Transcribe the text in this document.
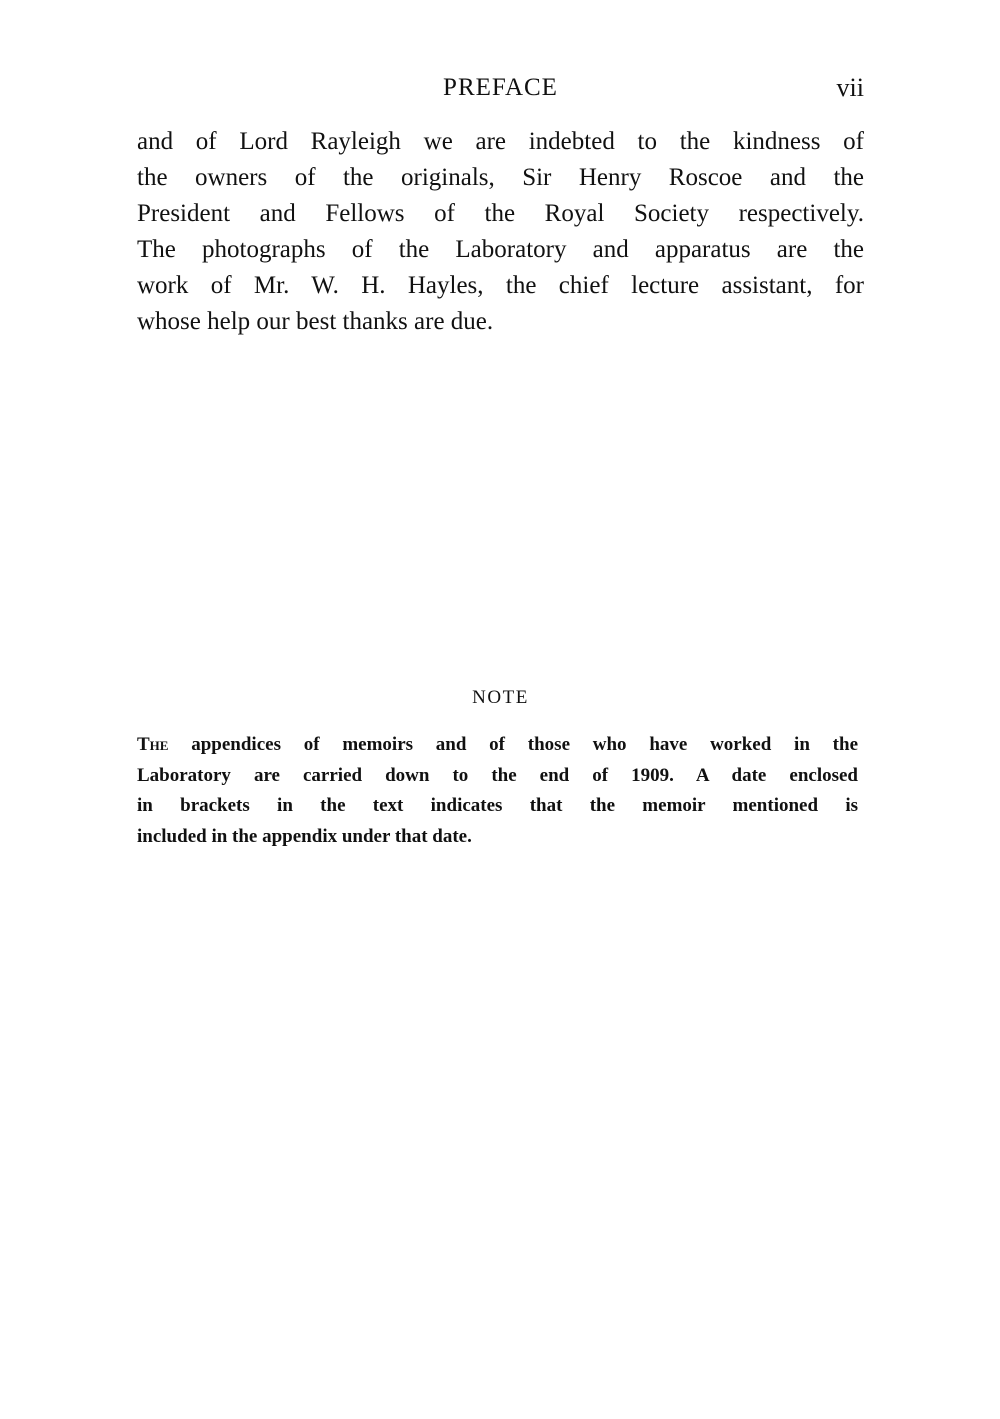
PREFACE	vii

and of Lord Rayleigh we are indebted to the kindness of
the owners of the originals, Sir Henry Roscoe and the
President and Fellows of the Royal Society respectively.
The photographs of the Laboratory and apparatus are the
work of Mr. W. H. Hayles, the chief lecture assistant, for
whose help our best thanks are due.

NOTE

The appendices of memoirs and of those who have worked in the
Laboratory are carried down to the end of 1909. A date enclosed
in brackets in the text indicates that the memoir mentioned is
included in the appendix under that date.
